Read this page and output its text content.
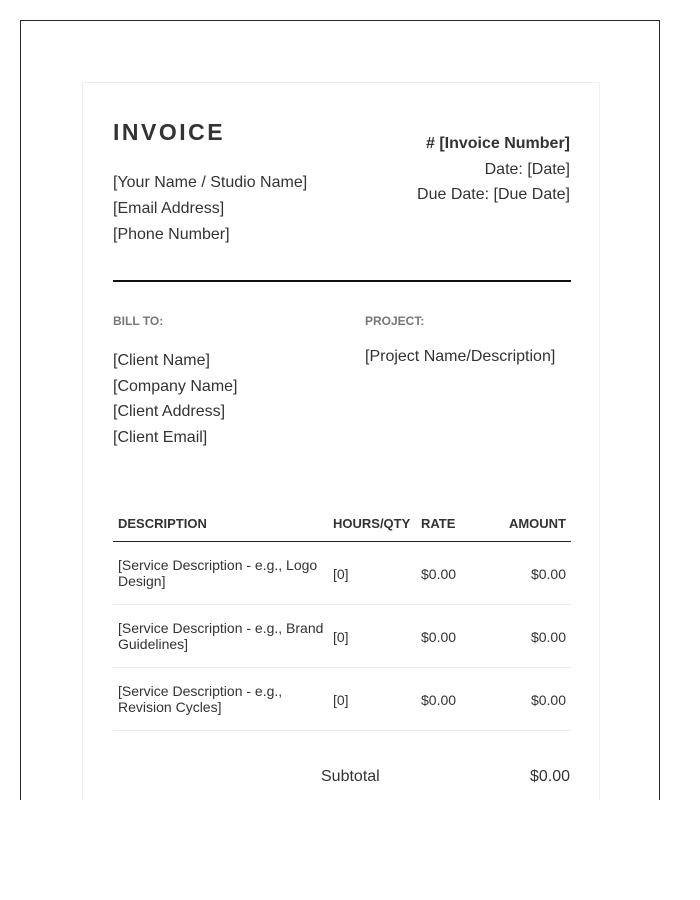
INVOICE
[Your Name / Studio Name]
[Email Address]
[Phone Number]
# [Invoice Number]
Date: [Date]
Due Date: [Due Date]
BILL TO:	PROJECT:
[Client Name]
[Company Name]
[Client Address]
[Client Email]
[Project Name/Description]
DESCRIPTION	HOURS/QTY RATE	AMOUNT
[Service Description - e.g., Logo Design]	[0]	$0.00	$0.00
[Service Description - e.g., Brand Guidelines]	[0]	$0.00	$0.00
[Service Description - e.g., Revision Cycles]	[0]	$0.00	$0.00
Subtotal	$0.00
